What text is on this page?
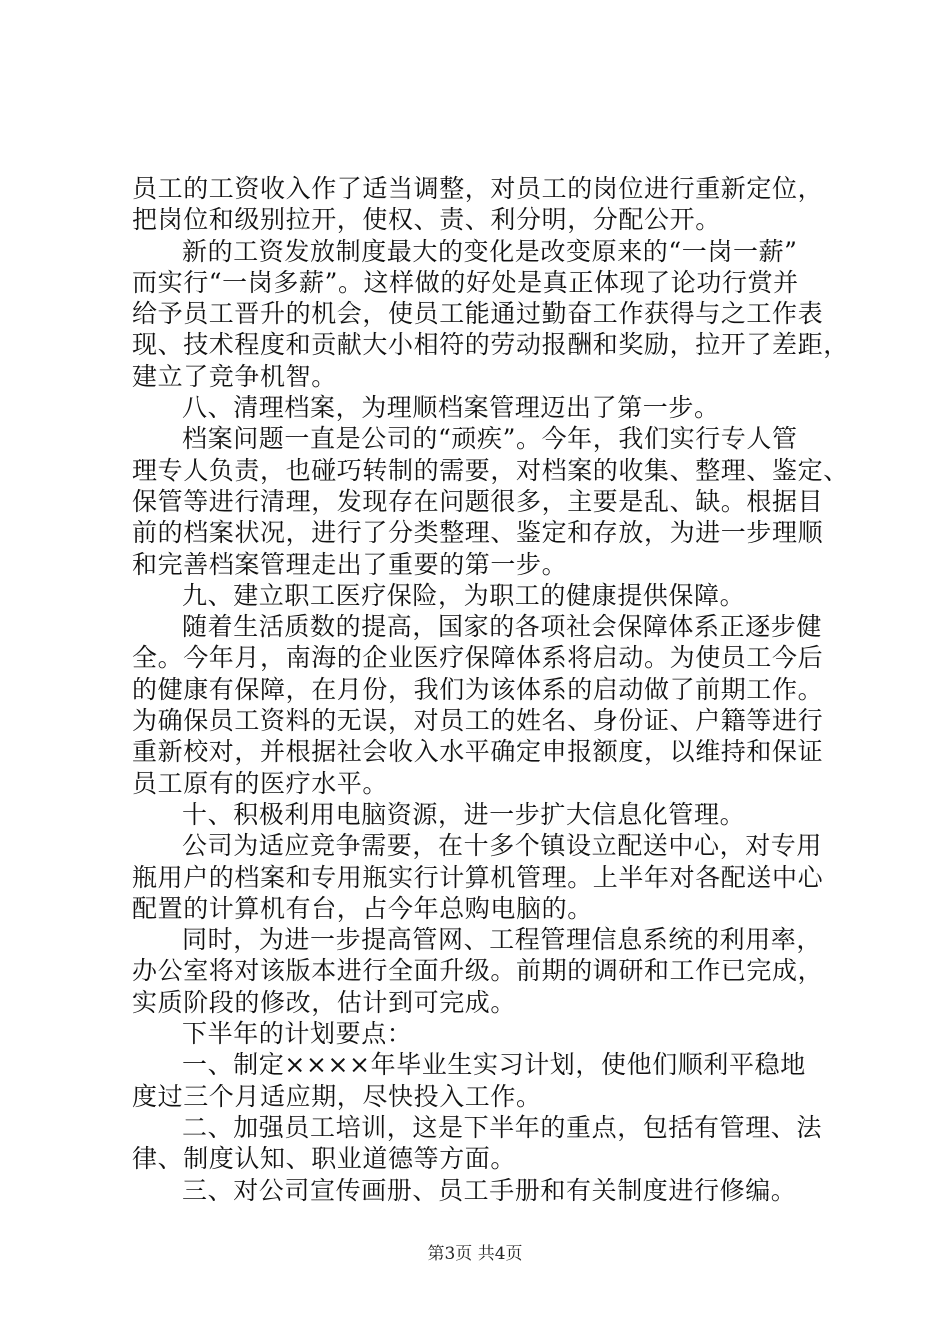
员工的工资收入作了适当调整，对员工的岗位进行重新定位，
把岗位和级别拉开，使权、责、利分明，分配公开。
新的工资发放制度最大的变化是改变原来的“一岗一薪”
而实行“一岗多薪”。这样做的好处是真正体现了论功行赏并
给予员工晋升的机会，使员工能通过勤奋工作获得与之工作表
现、技术程度和贡献大小相符的劳动报酬和奖励，拉开了差距，
建立了竞争机智。
八、清理档案，为理顺档案管理迈出了第一步。
档案问题一直是公司的“顽疾”。今年，我们实行专人管
理专人负责，也碰巧转制的需要，对档案的收集、整理、鉴定、
保管等进行清理，发现存在问题很多，主要是乱、缺。根据目
前的档案状况，进行了分类整理、鉴定和存放，为进一步理顺
和完善档案管理走出了重要的第一步。
九、建立职工医疗保险，为职工的健康提供保障。
随着生活质数的提高，国家的各项社会保障体系正逐步健
全。今年月，南海的企业医疗保障体系将启动。为使员工今后
的健康有保障，在月份，我们为该体系的启动做了前期工作。
为确保员工资料的无误，对员工的姓名、身份证、户籍等进行
重新校对，并根据社会收入水平确定申报额度，以维持和保证
员工原有的医疗水平。
十、积极利用电脑资源，进一步扩大信息化管理。
公司为适应竞争需要，在十多个镇设立配送中心，对专用
瓶用户的档案和专用瓶实行计算机管理。上半年对各配送中心
配置的计算机有台，占今年总购电脑的。
同时，为进一步提高管网、工程管理信息系统的利用率，
办公室将对该版本进行全面升级。前期的调研和工作已完成，
实质阶段的修改，估计到可完成。
下半年的计划要点：
一、制定××××年毕业生实习计划，使他们顺利平稳地
度过三个月适应期，尽快投入工作。
二、加强员工培训，这是下半年的重点，包括有管理、法
律、制度认知、职业道德等方面。
三、对公司宣传画册、员工手册和有关制度进行修编。
第3页 共4页
